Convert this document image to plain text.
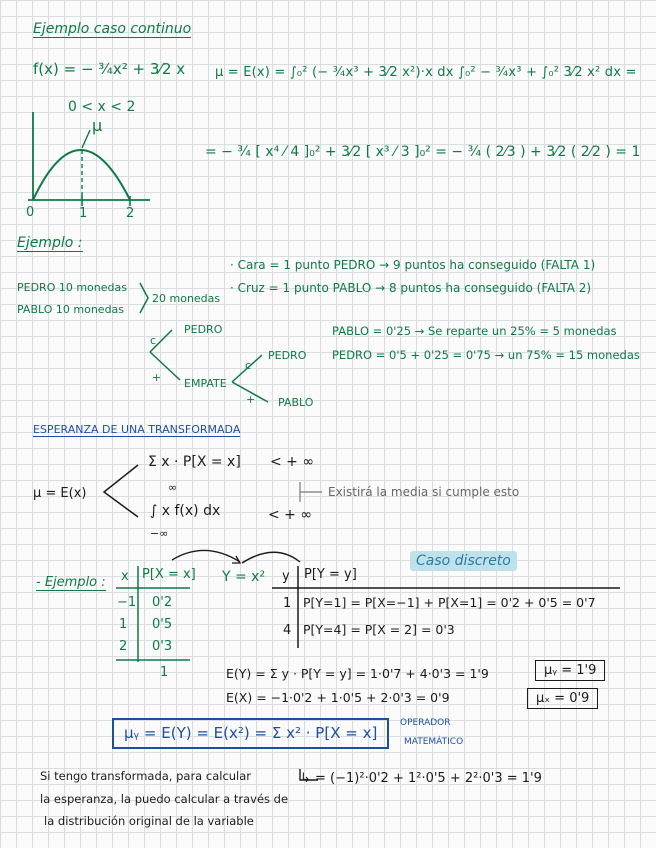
Ejemplo caso continuo
f(x) = − ¾x² + 3⁄2 x
0 < x < 2
μ
0	1	2
μ = E(x) = ∫₀² (− ¾x³ + 3⁄2 x²)·x dx ∫₀² − ¾x³ + ∫₀² 3⁄2 x² dx =
= − ¾ [ x⁴ ⁄ 4 ]₀² + 3⁄2 [ x³ ⁄ 3 ]₀² = − ¾ ( 2⁄3 ) + 3⁄2 ( 2⁄2 ) = 1
Ejemplo :
· Cara = 1 punto PEDRO → 9 puntos ha conseguido (FALTA 1)
· Cruz = 1 punto PABLO → 8 puntos ha conseguido (FALTA 2)
PEDRO 10 monedas
PABLO 10 monedas
20 monedas
c
PEDRO
+ EMPATE
c
PEDRO
+ PABLO
PABLO = 0'25 → Se reparte un 25% = 5 monedas
PEDRO = 0'5 + 0'25 = 0'75 → un 75% = 15 monedas
ESPERANZA DE UNA TRANSFORMADA
μ = E(x)
Σ x · P[X = x] < + ∞
∞
∫ x f(x) dx
−∞
< + ∞
Existirá la media si cumple esto
Caso discreto
- Ejemplo : x P[X = x]
−1 0'2
1 0'5
2 0'3
1
Y = x² y P[Y = y]
1 P[Y=1] = P[X=−1] + P[X=1] = 0'2 + 0'5 = 0'7
4 P[Y=4] = P[X = 2] = 0'3
E(Y) = Σ y · P[Y = y] = 1·0'7 + 4·0'3 = 1'9
E(X) = −1·0'2 + 1·0'5 + 2·0'3 = 0'9
μᵧ = 1'9
μₓ = 0'9
μᵧ = E(Y) = E(x²) = Σ x² · P[X = x]
OPERADOR
MATEMÁTICO
Si tengo transformada, para calcular
la esperanza, la puedo calcular a través de
la distribución original de la variable
↳ = (−1)²·0'2 + 1²·0'5 + 2²·0'3 = 1'9
